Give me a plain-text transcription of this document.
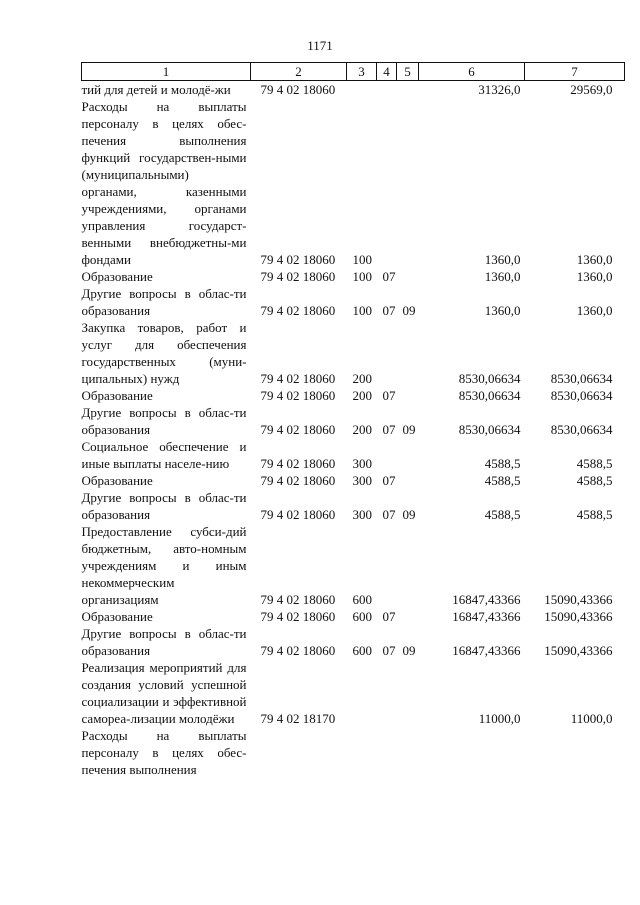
1171
1	2	3	4	5	6	7
тий для детей и молодё-жи	79 4 02 18060				31326,0	29569,0
Расходы на выплаты персоналу в целях обес-печения выполнения функций государствен-ными (муниципальными) органами, казенными учреждениями, органами управления государст-венными внебюджетны-ми фондами	79 4 02 18060	100			1360,0	1360,0
Образование	79 4 02 18060	100	07		1360,0	1360,0
Другие вопросы в облас-ти образования	79 4 02 18060	100	07	09	1360,0	1360,0
Закупка товаров, работ и услуг для обеспечения государственных (муни-ципальных) нужд	79 4 02 18060	200			8530,06634	8530,06634
Образование	79 4 02 18060	200	07		8530,06634	8530,06634
Другие вопросы в облас-ти образования	79 4 02 18060	200	07	09	8530,06634	8530,06634
Социальное обеспечение и иные выплаты населе-нию	79 4 02 18060	300			4588,5	4588,5
Образование	79 4 02 18060	300	07		4588,5	4588,5
Другие вопросы в облас-ти образования	79 4 02 18060	300	07	09	4588,5	4588,5
Предоставление субси-дий бюджетным, авто-номным учреждениям и иным некоммерческим организациям	79 4 02 18060	600			16847,43366	15090,43366
Образование	79 4 02 18060	600	07		16847,43366	15090,43366
Другие вопросы в облас-ти образования	79 4 02 18060	600	07	09	16847,43366	15090,43366
Реализация мероприятий для создания условий успешной социализации и эффективной самореа-лизации молодёжи	79 4 02 18170				11000,0	11000,0
Расходы на выплаты персоналу в целях обес-печения выполнения						
